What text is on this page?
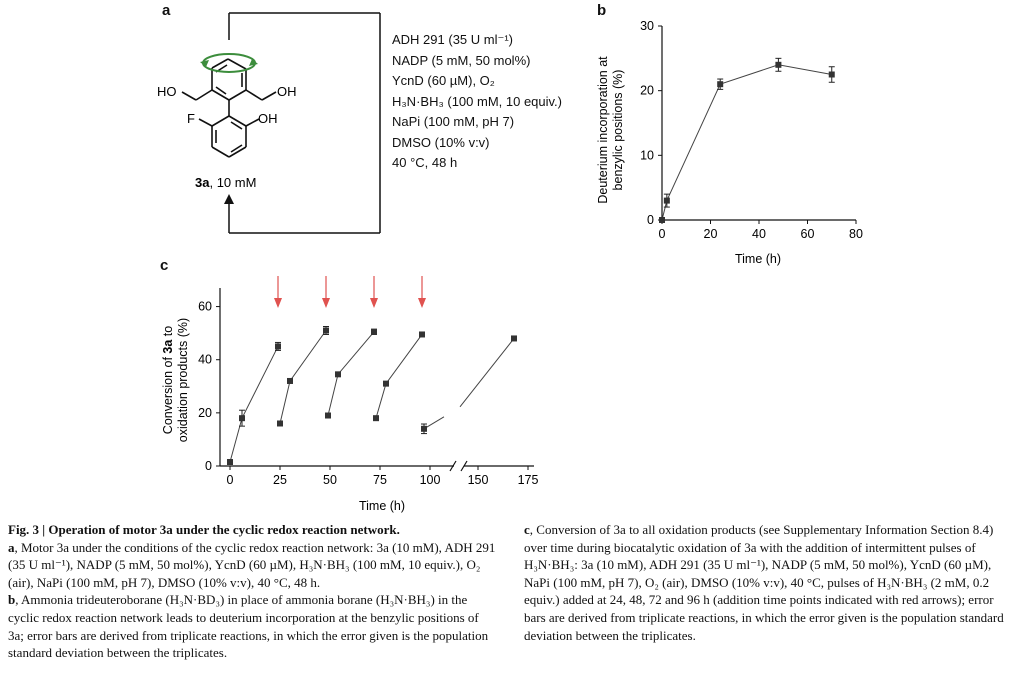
a
HO	OH
F	OH
3a, 10 mM
ADH 291 (35 U ml⁻¹)
NADP (5 mM, 50 mol%)
YcnD (60 µM), O₂
H₃N·BH₃ (100 mM, 10 equiv.)
NaPi (100 mM, pH 7)
DMSO (10% v:v)
40 °C, 48 h
b
Deuterium incorporation at benzylic positions (%)
Time (h)
0
10
20
30
0	20	40	60	80
c
Conversion of 3a to oxidation products (%)
Time (h)
0
20
40
60
0	25	50	75	100 150 175

Fig. 3 | Operation of motor 3a under the cyclic redox reaction network.

a, Motor 3a under the conditions of the cyclic redox reaction network: 3a (10 mM), ADH 291 (35 U ml⁻¹), NADP (5 mM, 50 mol%), YcnD (60 µM), H₃N·BH₃ (100 mM, 10 equiv.), O₂ (air), NaPi (100 mM, pH 7), DMSO (10% v:v), 40 °C, 48 h.

b, Ammonia trideuteroborane (H₃N·BD₃) in place of ammonia borane (H₃N·BH₃) in the cyclic redox reaction network leads to deuterium incorporation at the benzylic positions of 3a; error bars are derived from triplicate reactions, in which the error given is the population standard deviation between the triplicates.

c, Conversion of 3a to all oxidation products (see Supplementary Information Section 8.4) over time during biocatalytic oxidation of 3a with the addition of intermittent pulses of H₃N·BH₃: 3a (10 mM), ADH 291 (35 U ml⁻¹), NADP (5 mM, 50 mol%), YcnD (60 µM), NaPi (100 mM, pH 7), O₂ (air), DMSO (10% v:v), 40 °C, pulses of H₃N·BH₃ (2 mM, 0.2 equiv.) added at 24, 48, 72 and 96 h (addition time points indicated with red arrows); error bars are derived from triplicate reactions, in which the error given is the population standard deviation between the triplicates.
